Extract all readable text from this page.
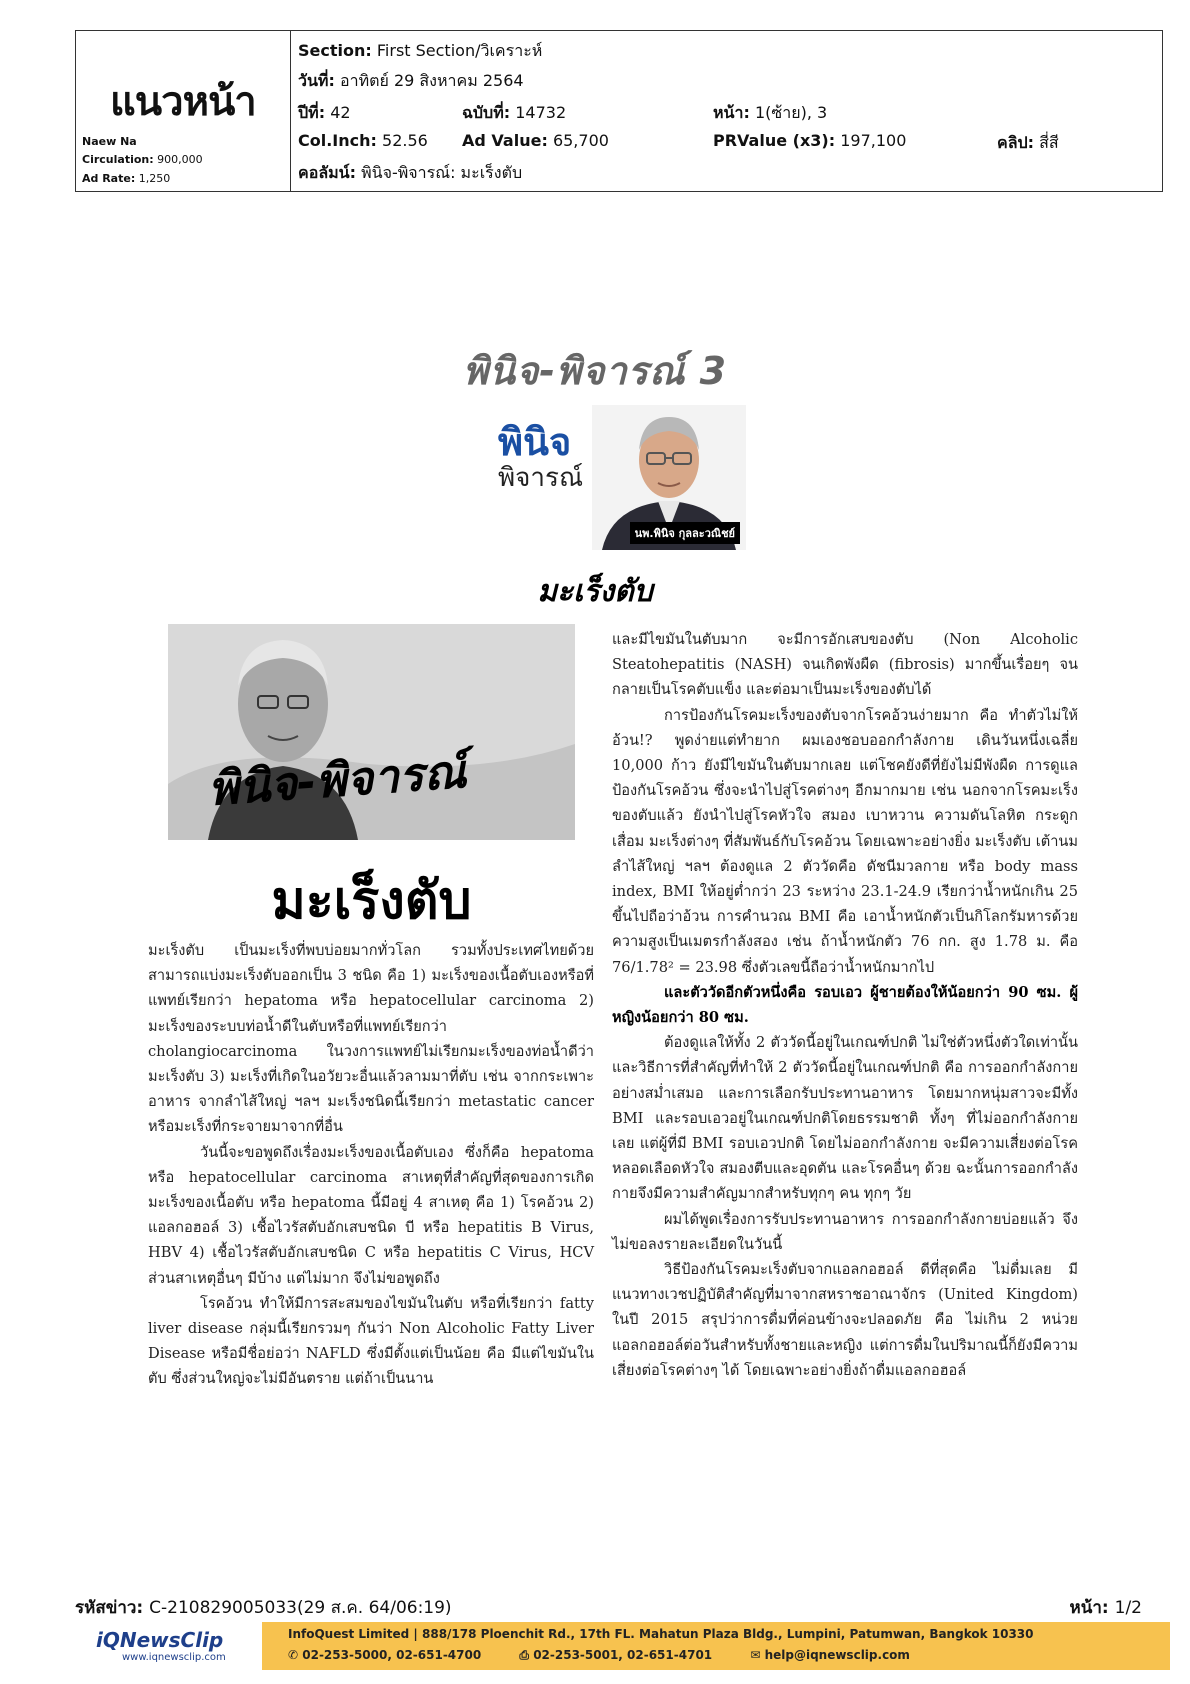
แนวหน้า
Naew Na
Circulation: 900,000
Ad Rate: 1,250
Section: First Section/วิเคราะห์
วันที่: อาทิตย์ 29 สิงหาคม 2564
ปีที่: 42	ฉบับที่: 14732	หน้า: 1(ซ้าย), 3
Col.Inch: 52.56 Ad Value: 65,700	PRValue (x3): 197,100	คลิป: สี่สี
คอลัมน์: พินิจ-พิจารณ์: มะเร็งตับ
พินิจ-พิจารณ์ 3
พินิจ
พิจารณ์
นพ.พินิจ กุลละวณิชย์
มะเร็งตับ
พินิจ-พิจารณ์
มะเร็งตับ

มะเร็งตับ เป็นมะเร็งที่พบบ่อยมากทั่วโลก รวมทั้งประเทศไทยด้วย สามารถแบ่งมะเร็งตับออกเป็น 3 ชนิด คือ 1) มะเร็งของเนื้อตับเองหรือที่แพทย์เรียกว่า hepatoma หรือ hepatocellular carcinoma 2) มะเร็งของระบบท่อน้ำดีในตับหรือที่แพทย์เรียกว่า cholangiocarcinoma ในวงการแพทย์ไม่เรียกมะเร็งของท่อน้ำดีว่ามะเร็งตับ 3) มะเร็งที่เกิดในอวัยวะอื่นแล้วลามมาที่ตับ เช่น จากกระเพาะอาหาร จากลำไส้ใหญ่ ฯลฯ มะเร็งชนิดนี้เรียกว่า metastatic cancer หรือมะเร็งที่กระจายมาจากที่อื่น

วันนี้จะขอพูดถึงเรื่องมะเร็งของเนื้อตับเอง ซึ่งก็คือ hepatoma หรือ hepatocellular carcinoma สาเหตุที่สำคัญที่สุดของการเกิดมะเร็งของเนื้อตับ หรือ hepatoma นี้มีอยู่ 4 สาเหตุ คือ 1) โรคอ้วน 2) แอลกอฮอล์ 3) เชื้อไวรัสตับอักเสบชนิด บี หรือ hepatitis B Virus, HBV 4) เชื้อไวรัสตับอักเสบชนิด C หรือ hepatitis C Virus, HCV ส่วนสาเหตุอื่นๆ มีบ้าง แต่ไม่มาก จึงไม่ขอพูดถึง

โรคอ้วน ทำให้มีการสะสมของไขมันในตับ หรือที่เรียกว่า fatty liver disease กลุ่มนี้เรียกรวมๆ กันว่า Non Alcoholic Fatty Liver Disease หรือมีชื่อย่อว่า NAFLD ซึ่งมีตั้งแต่เป็นน้อย คือ มีแต่ไขมันในตับ ซึ่งส่วนใหญ่จะไม่มีอันตราย แต่ถ้าเป็นนาน

และมีไขมันในตับมาก จะมีการอักเสบของตับ (Non Alcoholic Steatohepatitis (NASH) จนเกิดพังผืด (fibrosis) มากขึ้นเรื่อยๆ จนกลายเป็นโรคตับแข็ง และต่อมาเป็นมะเร็งของตับได้

การป้องกันโรคมะเร็งของตับจากโรคอ้วนง่ายมาก คือ ทำตัวไม่ให้อ้วน!? พูดง่ายแต่ทำยาก ผมเองชอบออกกำลังกาย เดินวันหนึ่งเฉลี่ย 10,000 ก้าว ยังมีไขมันในตับมากเลย แต่โชคยังดีที่ยังไม่มีพังผืด การดูแล ป้องกันโรคอ้วน ซึ่งจะนำไปสู่โรคต่างๆ อีกมากมาย เช่น นอกจากโรคมะเร็งของตับแล้ว ยังนำไปสู่โรคหัวใจ สมอง เบาหวาน ความดันโลหิต กระดูกเสื่อม มะเร็งต่างๆ ที่สัมพันธ์กับโรคอ้วน โดยเฉพาะอย่างยิ่ง มะเร็งตับ เต้านม ลำไส้ใหญ่ ฯลฯ ต้องดูแล 2 ตัววัดคือ ดัชนีมวลกาย หรือ body mass index, BMI ให้อยู่ต่ำกว่า 23 ระหว่าง 23.1-24.9 เรียกว่าน้ำหนักเกิน 25 ขึ้นไปถือว่าอ้วน การคำนวณ BMI คือ เอาน้ำหนักตัวเป็นกิโลกรัมหารด้วยความสูงเป็นเมตรกำลังสอง เช่น ถ้าน้ำหนักตัว 76 กก. สูง 1.78 ม. คือ 76/1.78² = 23.98 ซึ่งตัวเลขนี้ถือว่าน้ำหนักมากไป

และตัววัดอีกตัวหนึ่งคือ รอบเอว ผู้ชายต้องให้น้อยกว่า 90 ซม. ผู้หญิงน้อยกว่า 80 ซม.

ต้องดูแลให้ทั้ง 2 ตัววัดนี้อยู่ในเกณฑ์ปกติ ไม่ใช่ตัวหนึ่งตัวใดเท่านั้น และวิธีการที่สำคัญที่ทำให้ 2 ตัววัดนี้อยู่ในเกณฑ์ปกติ คือ การออกกำลังกายอย่างสม่ำเสมอ และการเลือกรับประทานอาหาร โดยมากหนุ่มสาวจะมีทั้ง BMI และรอบเอวอยู่ในเกณฑ์ปกติโดยธรรมชาติ ทั้งๆ ที่ไม่ออกกำลังกายเลย แต่ผู้ที่มี BMI รอบเอวปกติ โดยไม่ออกกำลังกาย จะมีความเสี่ยงต่อโรคหลอดเลือดหัวใจ สมองตีบและอุดตัน และโรคอื่นๆ ด้วย ฉะนั้นการออกกำลังกายจึงมีความสำคัญมากสำหรับทุกๆ คน ทุกๆ วัย

ผมได้พูดเรื่องการรับประทานอาหาร การออกกำลังกายบ่อยแล้ว จึงไม่ขอลงรายละเอียดในวันนี้

วิธีป้องกันโรคมะเร็งตับจากแอลกอฮอล์ ดีที่สุดคือ ไม่ดื่มเลย มีแนวทางเวชปฏิบัติสำคัญที่มาจากสหราชอาณาจักร (United Kingdom) ในปี 2015 สรุปว่าการดื่มที่ค่อนข้างจะปลอดภัย คือ ไม่เกิน 2 หน่วยแอลกอฮอล์ต่อวันสำหรับทั้งชายและหญิง แต่การดื่มในปริมาณนี้ก็ยังมีความเสี่ยงต่อโรคต่างๆ ได้ โดยเฉพาะอย่างยิ่งถ้าดื่มแอลกอฮอล์

รหัสข่าว: C-210829005033(29 ส.ค. 64/06:19)	หน้า: 1/2
iQNewsClip
www.iqnewsclip.com
InfoQuest Limited | 888/178 Ploenchit Rd., 17th FL. Mahatun Plaza Bldg., Lumpini, Patumwan, Bangkok 10330
✆ 02-253-5000, 02-651-4700	⎙ 02-253-5001, 02-651-4701	✉ help@iqnewsclip.com
